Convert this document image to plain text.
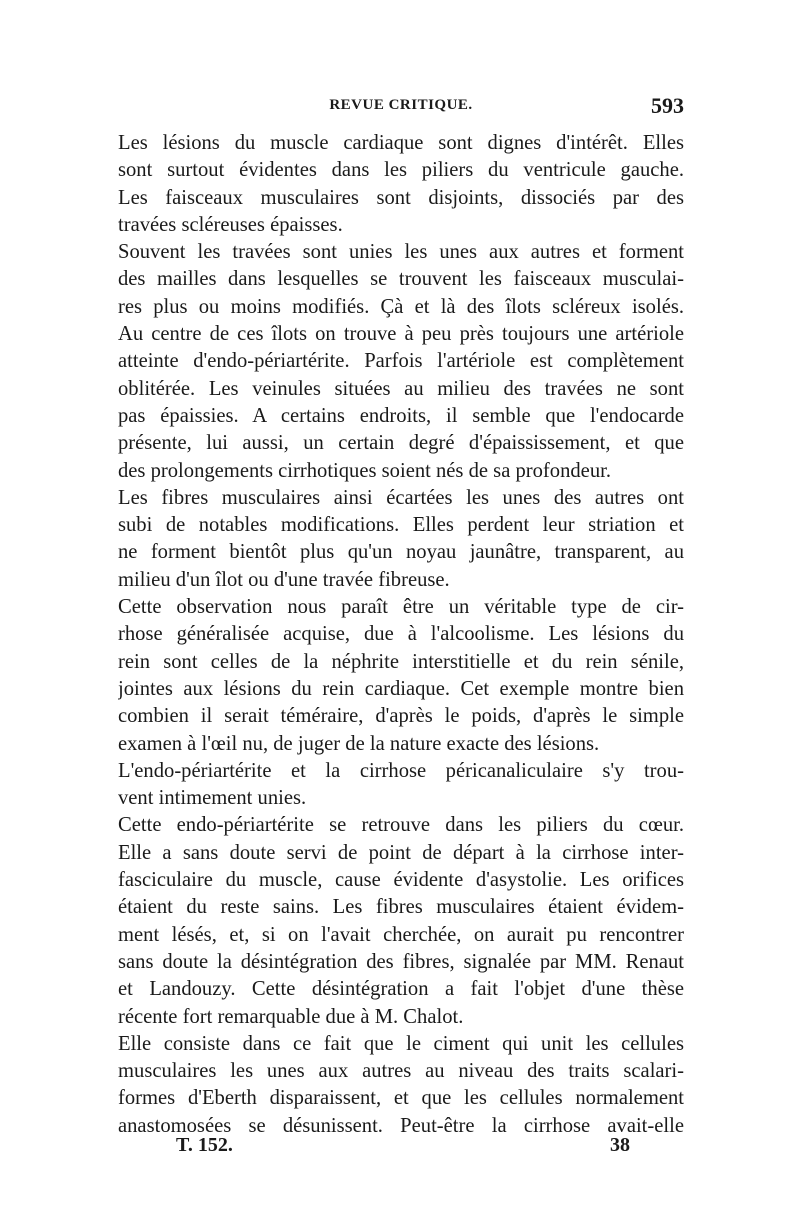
REVUE CRITIQUE.	593

Les lésions du muscle cardiaque sont dignes d'intérêt. Elles
sont surtout évidentes dans les piliers du ventricule gauche.
Les faisceaux musculaires sont disjoints, dissociés par des
travées scléreuses épaisses.

Souvent les travées sont unies les unes aux autres et forment
des mailles dans lesquelles se trouvent les faisceaux musculai-
res plus ou moins modifiés. Çà et là des îlots scléreux isolés.
Au centre de ces îlots on trouve à peu près toujours une artériole
atteinte d'endo-périartérite. Parfois l'artériole est complètement
oblitérée. Les veinules situées au milieu des travées ne sont
pas épaissies. A certains endroits, il semble que l'endocarde
présente, lui aussi, un certain degré d'épaississement, et que
des prolongements cirrhotiques soient nés de sa profondeur.

Les fibres musculaires ainsi écartées les unes des autres ont
subi de notables modifications. Elles perdent leur striation et
ne forment bientôt plus qu'un noyau jaunâtre, transparent, au
milieu d'un îlot ou d'une travée fibreuse.

Cette observation nous paraît être un véritable type de cir-
rhose généralisée acquise, due à l'alcoolisme. Les lésions du
rein sont celles de la néphrite interstitielle et du rein sénile,
jointes aux lésions du rein cardiaque. Cet exemple montre bien
combien il serait téméraire, d'après le poids, d'après le simple
examen à l'œil nu, de juger de la nature exacte des lésions.

L'endo-périartérite et la cirrhose péricanaliculaire s'y trou-
vent intimement unies.

Cette endo-périartérite se retrouve dans les piliers du cœur.
Elle a sans doute servi de point de départ à la cirrhose inter-
fasciculaire du muscle, cause évidente d'asystolie. Les orifices
étaient du reste sains. Les fibres musculaires étaient évidem-
ment lésés, et, si on l'avait cherchée, on aurait pu rencontrer
sans doute la désintégration des fibres, signalée par MM. Renaut
et Landouzy. Cette désintégration a fait l'objet d'une thèse
récente fort remarquable due à M. Chalot.

Elle consiste dans ce fait que le ciment qui unit les cellules
musculaires les unes aux autres au niveau des traits scalari-
formes d'Eberth disparaissent, et que les cellules normalement
anastomosées se désunissent. Peut-être la cirrhose avait-elle

T. 152.	38
